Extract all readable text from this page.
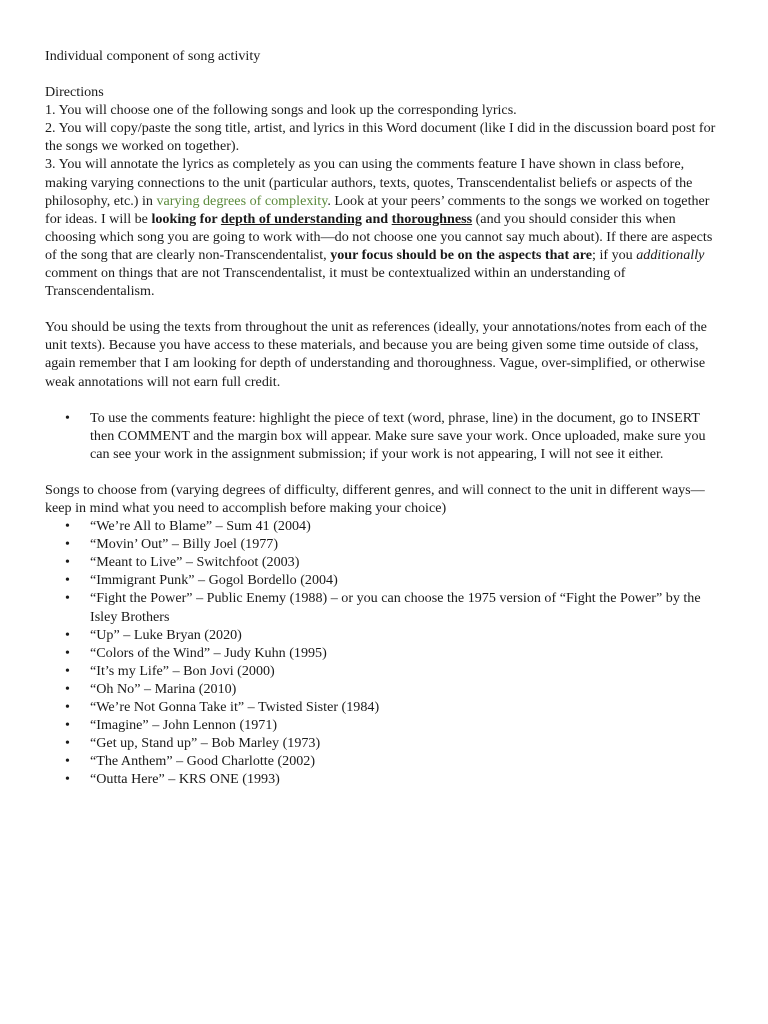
Individual component of song activity

Directions

1. You will choose one of the following songs and look up the corresponding lyrics.

2. You will copy/paste the song title, artist, and lyrics in this Word document (like I did in the discussion board post for the songs we worked on together).

3. You will annotate the lyrics as completely as you can using the comments feature I have shown in class before, making varying connections to the unit (particular authors, texts, quotes, Transcendentalist beliefs or aspects of the philosophy, etc.) in varying degrees of complexity. Look at your peers’ comments to the songs we worked on together for ideas. I will be looking for depth of understanding and thoroughness (and you should consider this when choosing which song you are going to work with—do not choose one you cannot say much about). If there are aspects of the song that are clearly non-Transcendentalist, your focus should be on the aspects that are; if you additionally comment on things that are not Transcendentalist, it must be contextualized within an understanding of Transcendentalism.

You should be using the texts from throughout the unit as references (ideally, your annotations/notes from each of the unit texts). Because you have access to these materials, and because you are being given some time outside of class, again remember that I am looking for depth of understanding and thoroughness. Vague, over-simplified, or otherwise weak annotations will not earn full credit.

• To use the comments feature: highlight the piece of text (word, phrase, line) in the document, go to INSERT then COMMENT and the margin box will appear. Make sure save your work. Once uploaded, make sure you can see your work in the assignment submission; if your work is not appearing, I will not see it either.

Songs to choose from (varying degrees of difficulty, different genres, and will connect to the unit in different ways—keep in mind what you need to accomplish before making your choice)

• “We’re All to Blame” – Sum 41 (2004)
• “Movin’ Out” – Billy Joel (1977)
• “Meant to Live” – Switchfoot (2003)
• “Immigrant Punk” – Gogol Bordello (2004)
• “Fight the Power” – Public Enemy (1988) – or you can choose the 1975 version of “Fight the Power” by the Isley Brothers
• “Up” – Luke Bryan (2020)
• “Colors of the Wind” – Judy Kuhn (1995)
• “It’s my Life” – Bon Jovi (2000)
• “Oh No” – Marina (2010)
• “We’re Not Gonna Take it” – Twisted Sister (1984)
• “Imagine” – John Lennon (1971)
• “Get up, Stand up” – Bob Marley (1973)
• “The Anthem” – Good Charlotte (2002)
• “Outta Here” – KRS ONE (1993)
